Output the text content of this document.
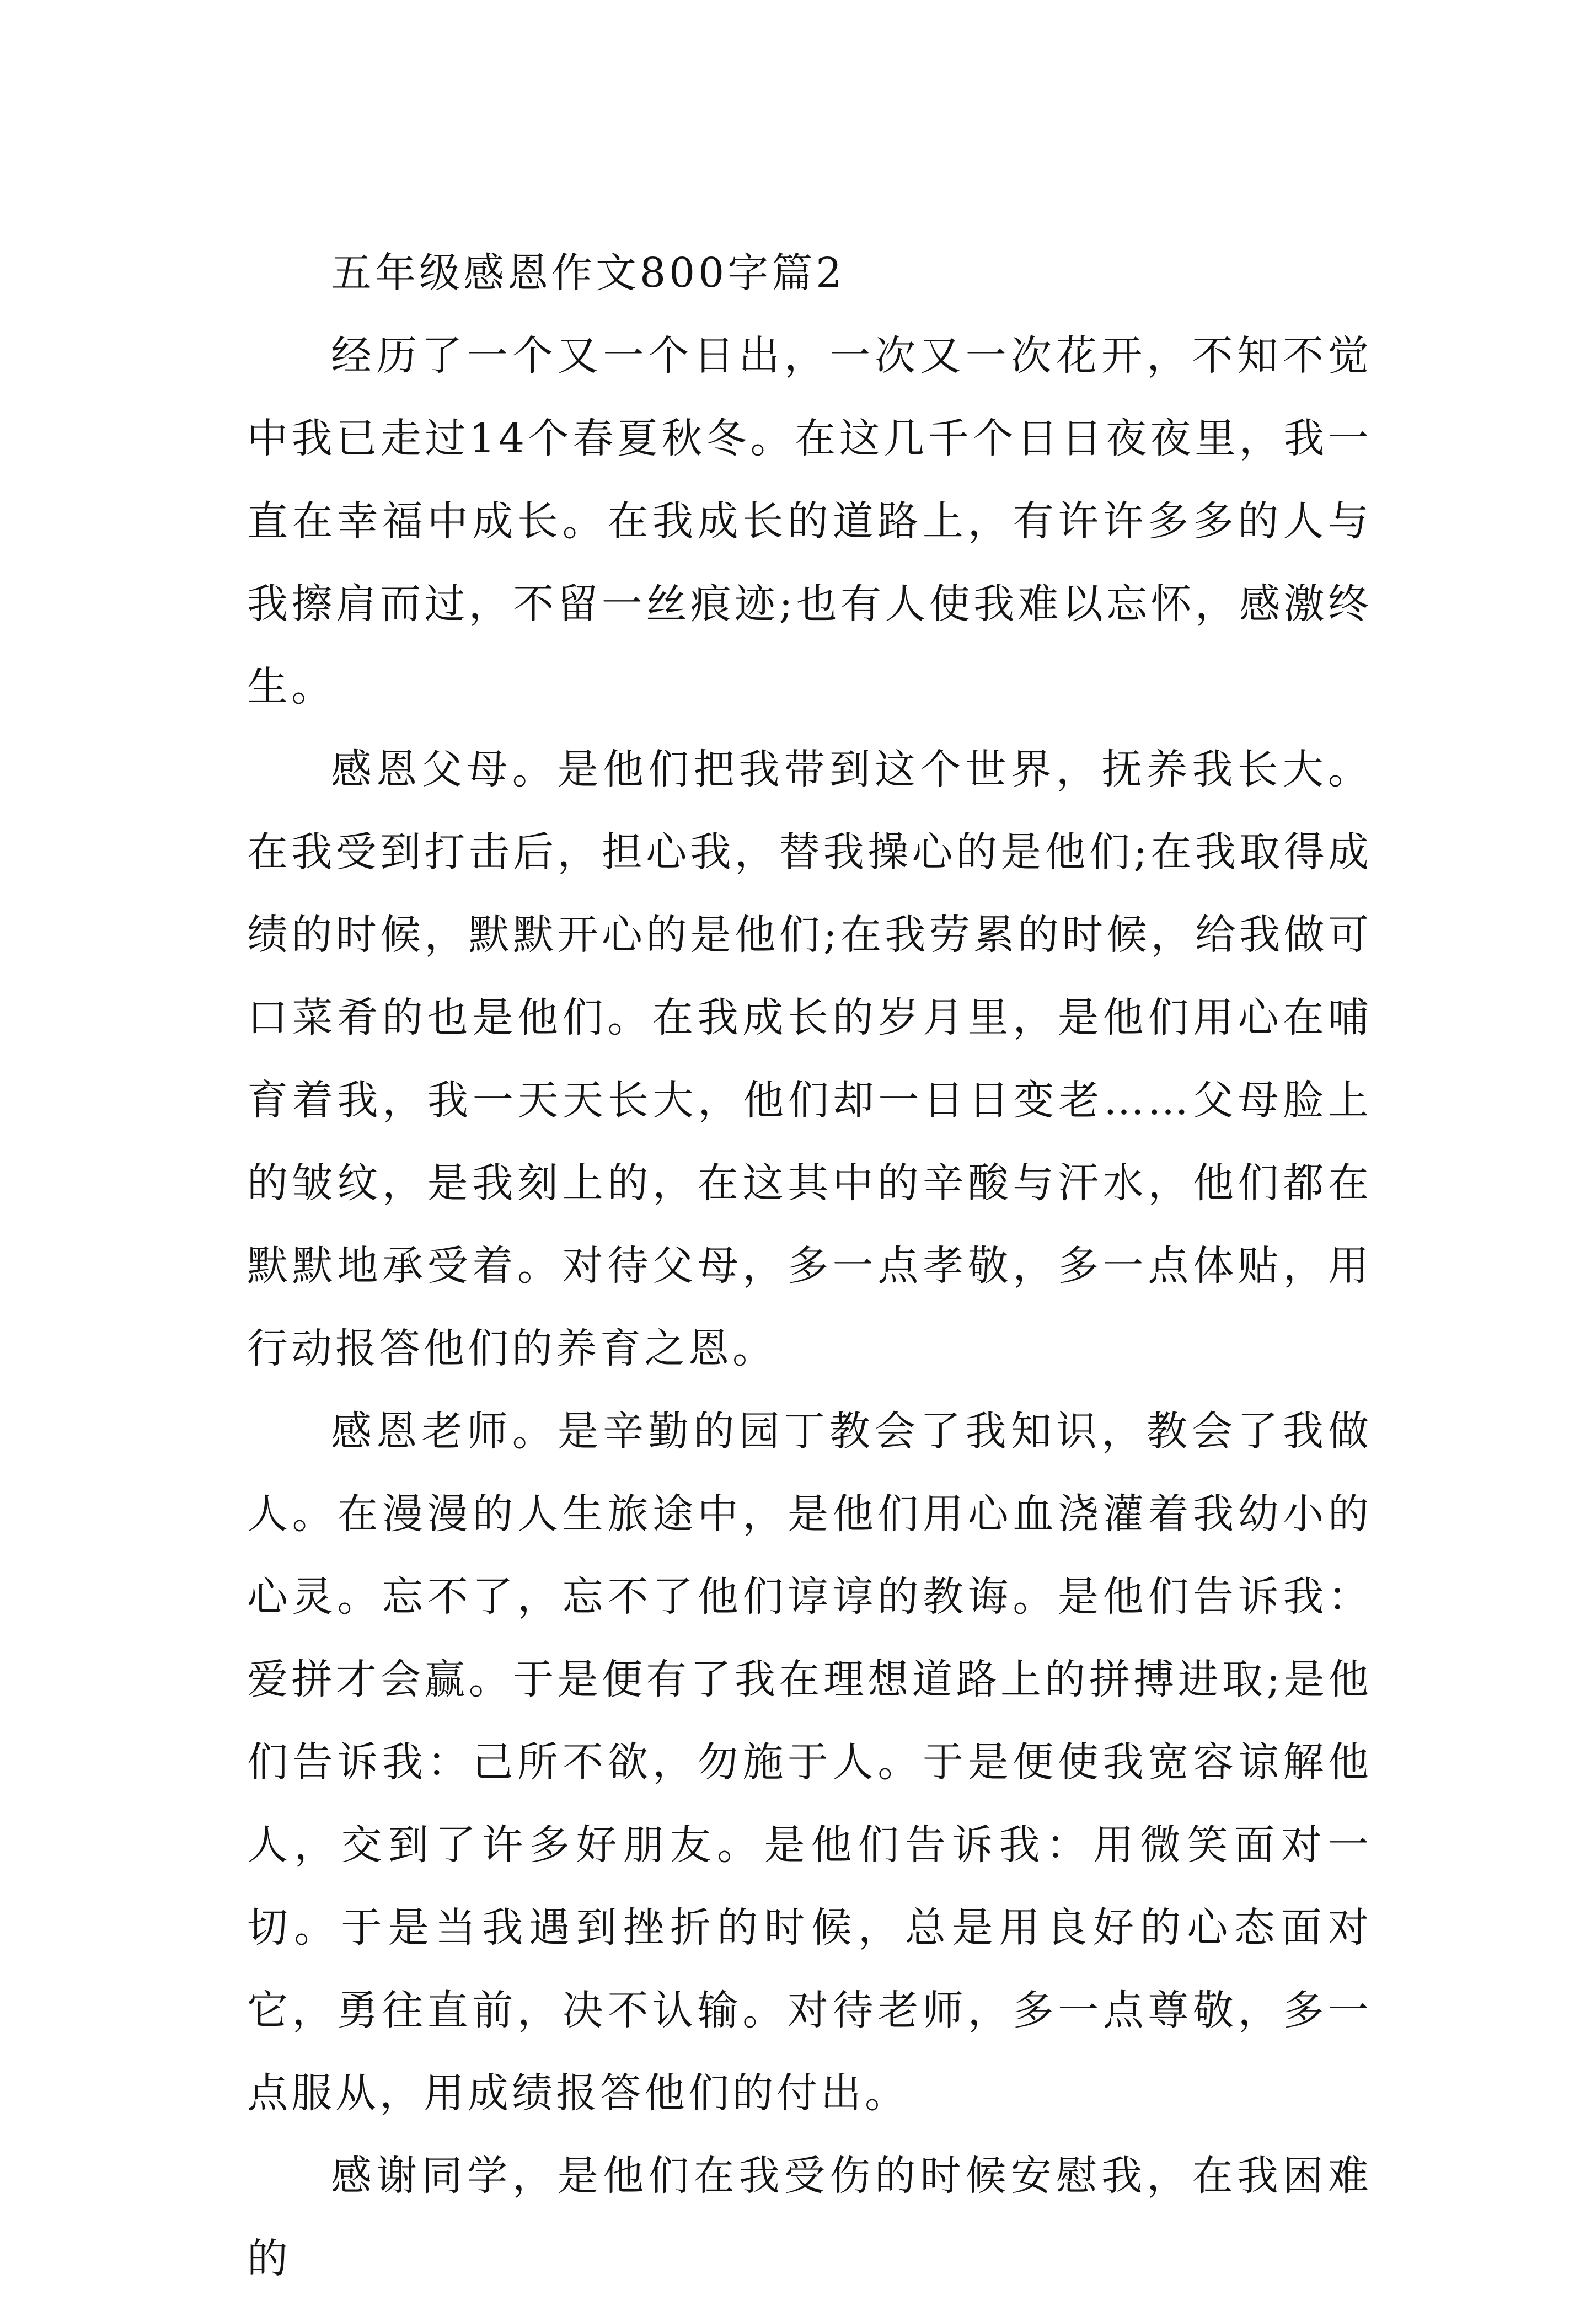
五年级感恩作文800字篇2

经历了一个又一个日出，一次又一次花开，不知不觉中我已走过14个春夏秋冬。在这几千个日日夜夜里，我一直在幸福中成长。在我成长的道路上，有许许多多的人与我擦肩而过，不留一丝痕迹;也有人使我难以忘怀，感激终生。

感恩父母。是他们把我带到这个世界，抚养我长大。在我受到打击后，担心我，替我操心的是他们;在我取得成绩的时候，默默开心的是他们;在我劳累的时候，给我做可口菜肴的也是他们。在我成长的岁月里，是他们用心在哺育着我，我一天天长大，他们却一日日变老……父母脸上的皱纹，是我刻上的，在这其中的辛酸与汗水，他们都在默默地承受着。对待父母，多一点孝敬，多一点体贴，用行动报答他们的养育之恩。

感恩老师。是辛勤的园丁教会了我知识，教会了我做人。在漫漫的人生旅途中，是他们用心血浇灌着我幼小的心灵。忘不了，忘不了他们谆谆的教诲。是他们告诉我：爱拼才会赢。于是便有了我在理想道路上的拼搏进取;是他们告诉我：己所不欲，勿施于人。于是便使我宽容谅解他人，交到了许多好朋友。是他们告诉我：用微笑面对一切。于是当我遇到挫折的时候，总是用良好的心态面对它，勇往直前，决不认输。对待老师，多一点尊敬，多一点服从，用成绩报答他们的付出。

感谢同学，是他们在我受伤的时候安慰我，在我困难的
